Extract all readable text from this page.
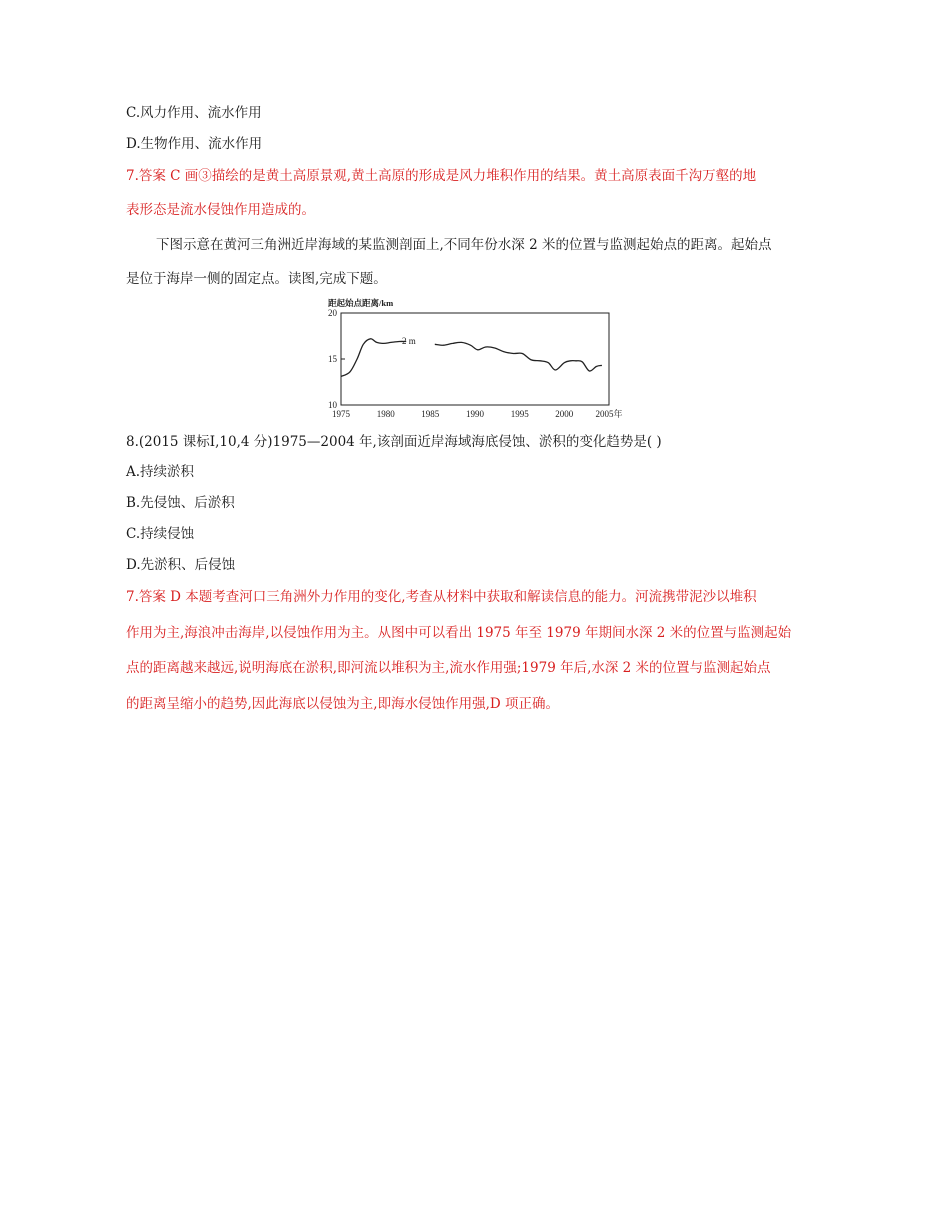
C.风力作用、流水作用
D.生物作用、流水作用
7.答案 C 画③描绘的是黄土高原景观,黄土高原的形成是风力堆积作用的结果。黄土高原表面千沟万壑的地
表形态是流水侵蚀作用造成的。
下图示意在黄河三角洲近岸海域的某监测剖面上,不同年份水深 2 米的位置与监测起始点的距离。起始点
是位于海岸一侧的固定点。读图,完成下题。
距起始点距离/km
20
15
10
1975	1980	1985	1990	1995	2000 2005年
2 m
8.(2015 课标Ⅰ,10,4 分)1975—2004 年,该剖面近岸海域海底侵蚀、淤积的变化趋势是( )
A.持续淤积
B.先侵蚀、后淤积
C.持续侵蚀
D.先淤积、后侵蚀
7.答案 D 本题考查河口三角洲外力作用的变化,考查从材料中获取和解读信息的能力。河流携带泥沙以堆积
作用为主,海浪冲击海岸,以侵蚀作用为主。从图中可以看出 1975 年至 1979 年期间水深 2 米的位置与监测起始
点的距离越来越远,说明海底在淤积,即河流以堆积为主,流水作用强;1979 年后,水深 2 米的位置与监测起始点
的距离呈缩小的趋势,因此海底以侵蚀为主,即海水侵蚀作用强,D 项正确。
